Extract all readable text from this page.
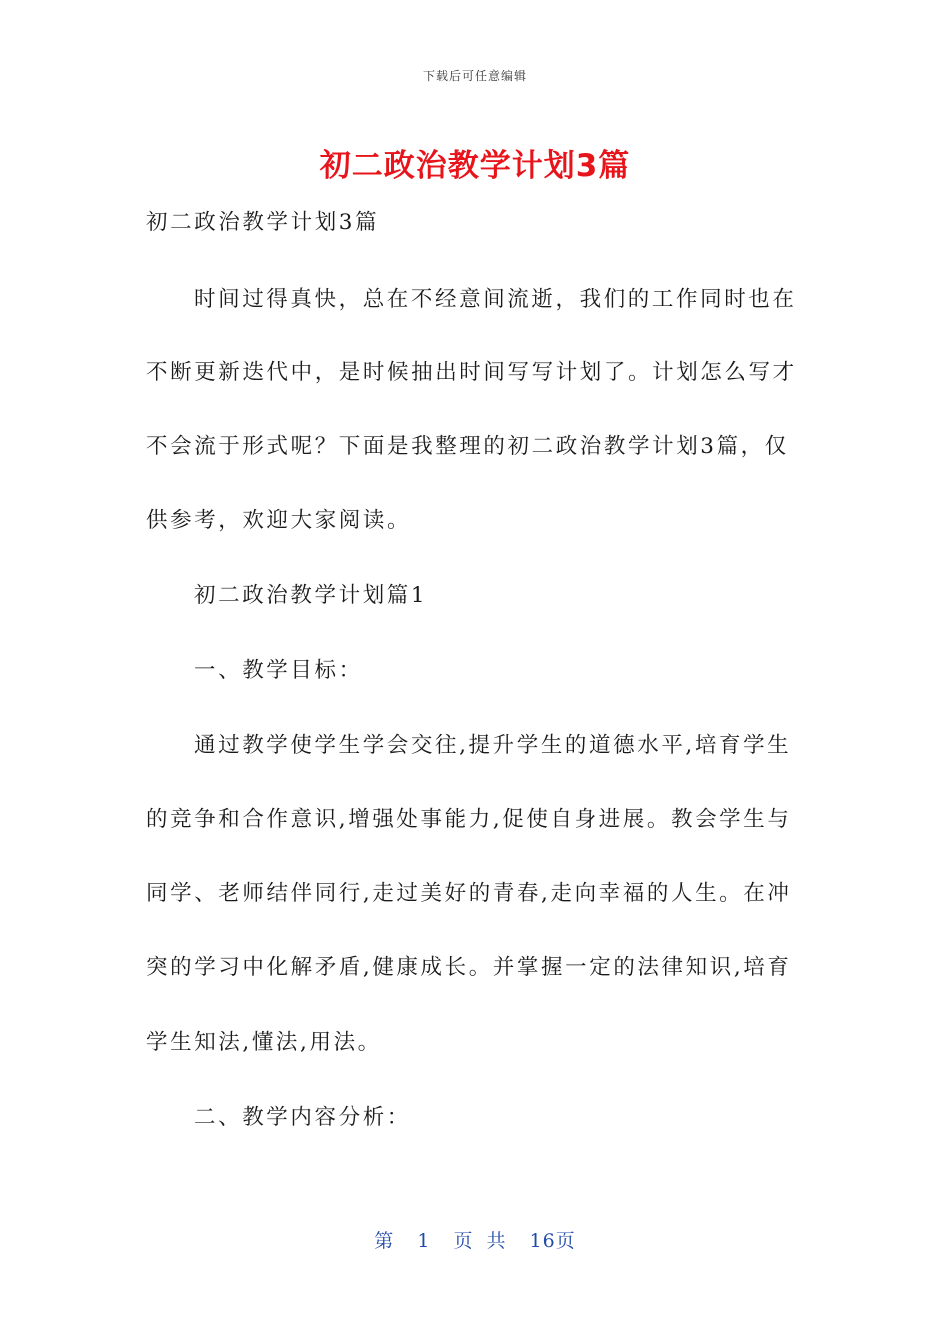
下载后可任意编辑
初二政治教学计划3篇
初二政治教学计划3篇
时间过得真快，总在不经意间流逝，我们的工作同时也在
不断更新迭代中，是时候抽出时间写写计划了。计划怎么写才
不会流于形式呢？下面是我整理的初二政治教学计划3篇，仅
供参考，欢迎大家阅读。
初二政治教学计划篇1
一、教学目标：
通过教学使学生学会交往,提升学生的道德水平,培育学生
的竞争和合作意识,增强处事能力,促使自身进展。教会学生与
同学、老师结伴同行,走过美好的青春,走向幸福的人生。在冲
突的学习中化解矛盾,健康成长。并掌握一定的法律知识,培育
学生知法,懂法,用法。
二、教学内容分析：
第 1 页 共 16页
